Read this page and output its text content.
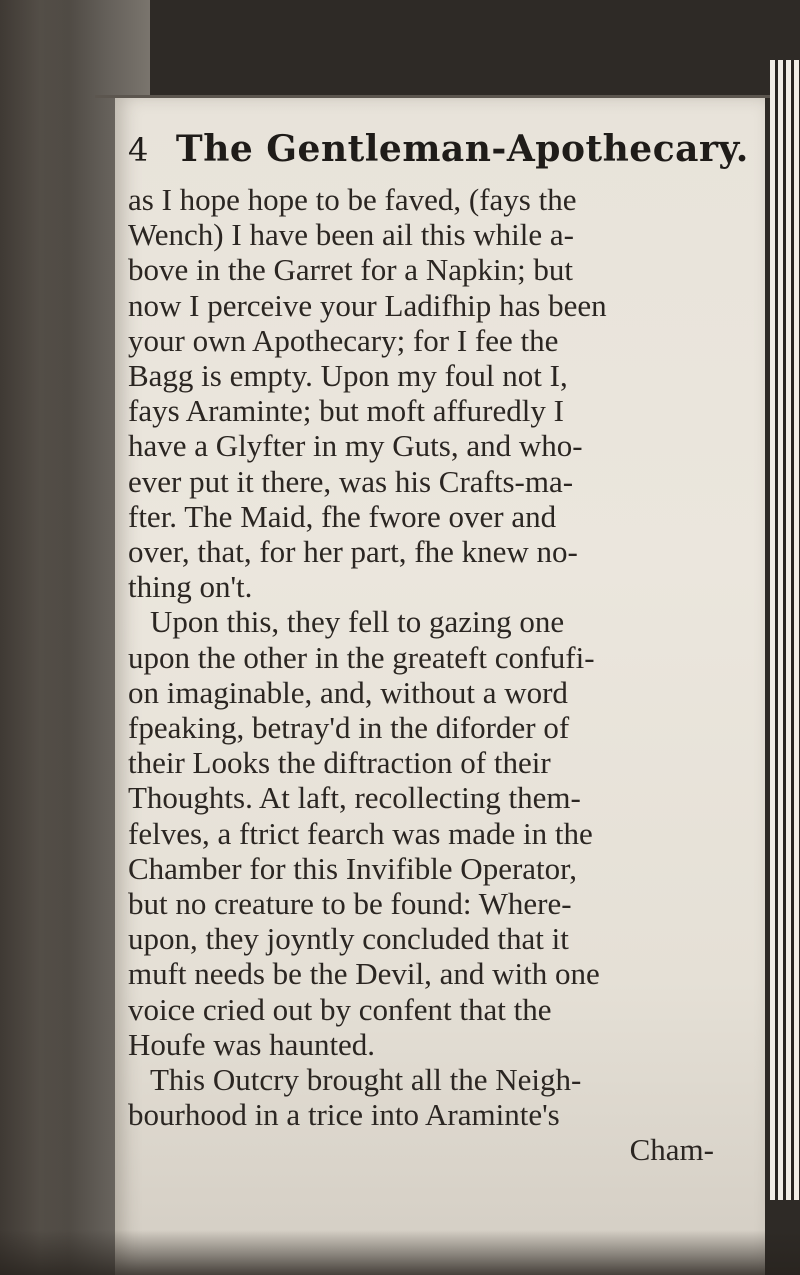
4 The Gentleman-Apothecary.
as I hope hope to be faved, (fays the
Wench) I have been ail this while a-
bove in the Garret for a Napkin; but
now I perceive your Ladifhip has been
your own Apothecary; for I fee the
Bagg is empty. Upon my foul not I,
fays Araminte; but moft affuredly I
have a Glyfter in my Guts, and who-
ever put it there, was his Crafts-ma-
fter. The Maid, fhe fwore over and
over, that, for her part, fhe knew no-
thing on't.
Upon this, they fell to gazing one
upon the other in the greateft confufi-
on imaginable, and, without a word
fpeaking, betray'd in the diforder of
their Looks the diftraction of their
Thoughts. At laft, recollecting them-
felves, a ftrict fearch was made in the
Chamber for this Invifible Operator,
but no creature to be found: Where-
upon, they joyntly concluded that it
muft needs be the Devil, and with one
voice cried out by confent that the
Houfe was haunted.
This Outcry brought all the Neigh-
bourhood in a trice into Araminte's
Cham-
